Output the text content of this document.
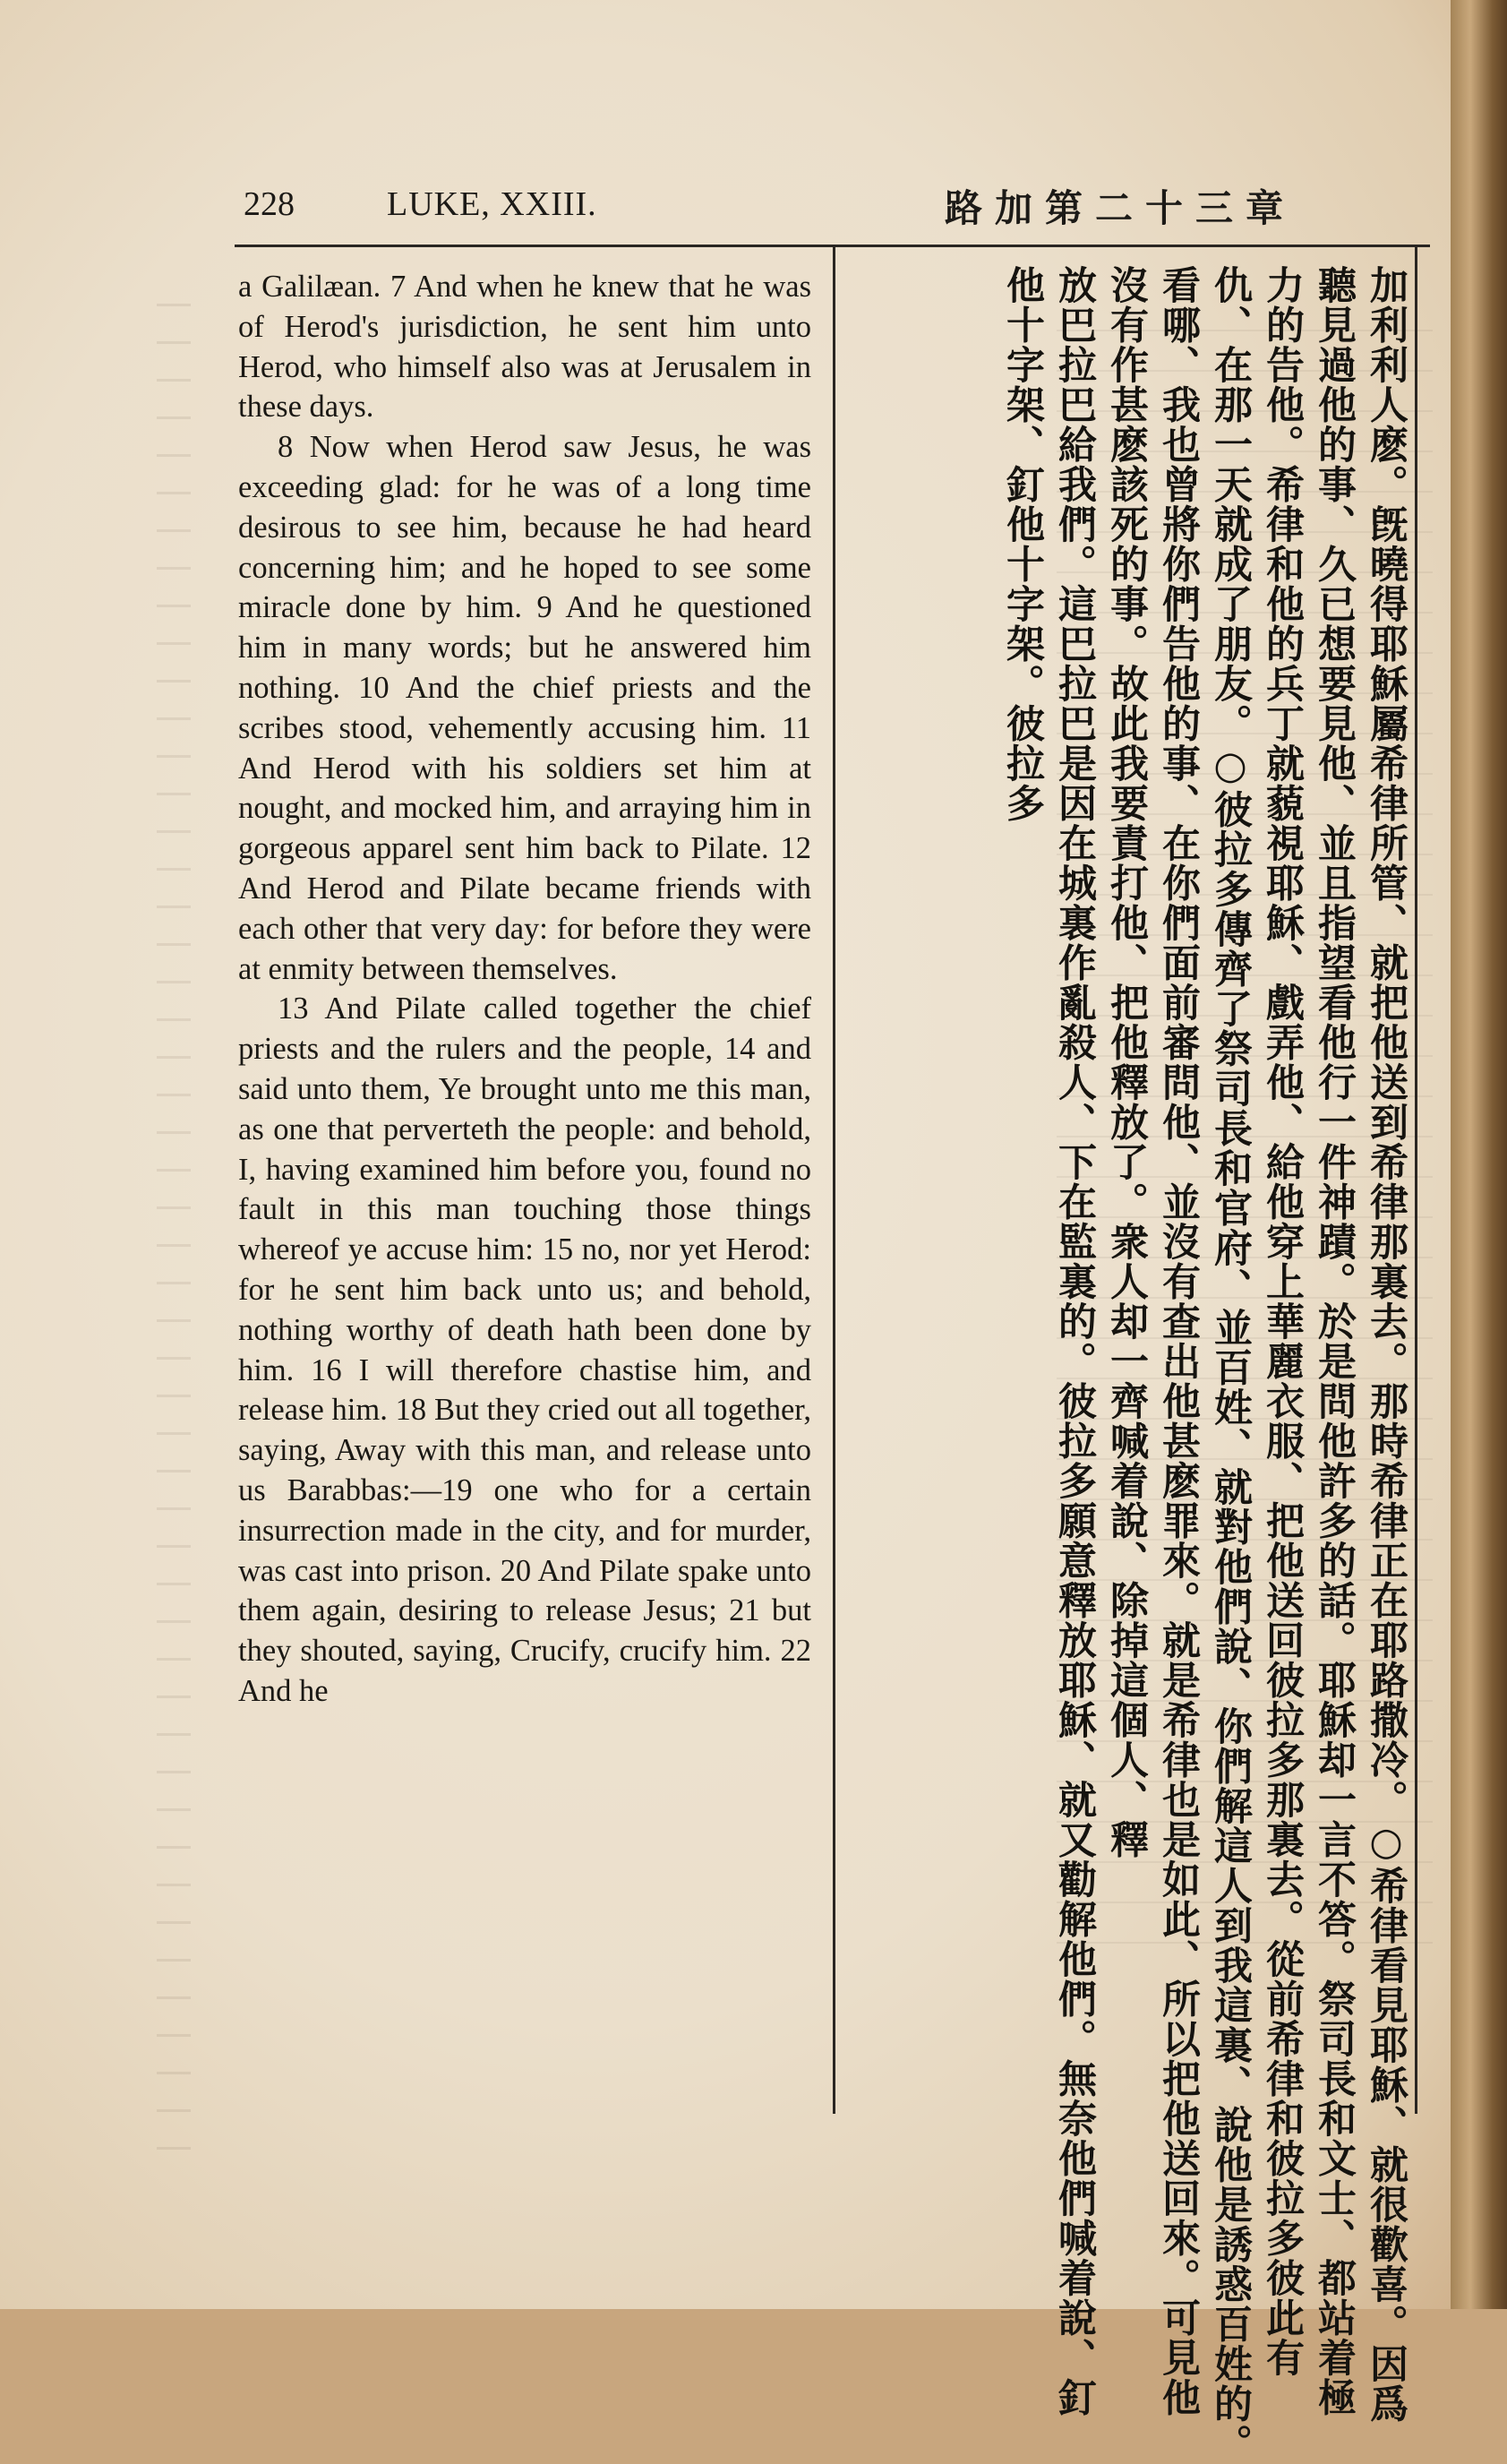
228	LUKE, XXIII.	路加第二十三章

a Galilæan. 7 And when he knew that he was of Herod's jurisdiction, he sent him unto Herod, who himself also was at Jerusalem in these days.

8 Now when Herod saw Jesus, he was exceeding glad: for he was of a long time desirous to see him, because he had heard concerning him; and he hoped to see some miracle done by him. 9 And he questioned him in many words; but he answered him nothing. 10 And the chief priests and the scribes stood, vehemently accusing him. 11 And Herod with his soldiers set him at nought, and mocked him, and arraying him in gorgeous apparel sent him back to Pilate. 12 And Herod and Pilate became friends with each other that very day: for before they were at enmity between themselves.

13 And Pilate called together the chief priests and the rulers and the people, 14 and said unto them, Ye brought unto me this man, as one that perverteth the people: and behold, I, having examined him before you, found no fault in this man touching those things whereof ye accuse him: 15 no, nor yet Herod: for he sent him back unto us; and behold, nothing worthy of death hath been done by him. 16 I will therefore chastise him, and release him. 18 But they cried out all together, saying, Away with this man, and release unto us Barabbas:—19 one who for a certain insurrection made in the city, and for murder, was cast into prison. 20 And Pilate spake unto them again, desiring to release Jesus; 21 but they shouted, saying, Crucify, crucify him. 22 And he	加利利人麽。旣曉得耶穌屬希律所管、就把他送到希律那裏去。那時希律正在耶路撒冷。○希律看見耶穌、就很歡喜。因爲
聽見過他的事、久已想要見他、並且指望看他行一件神蹟。於是問他許多的話。耶穌却一言不答。祭司長和文士、都站着極
力的告他。希律和他的兵丁就藐視耶穌、戲弄他、給他穿上華麗衣服、把他送回彼拉多那裏去。從前希律和彼拉多彼此有
仇、在那一天就成了朋友。○彼拉多傳齊了祭司長和官府、並百姓、就對他們說、你們解這人到我這裏、說他是誘惑百姓的。
看哪、我也曾將你們告他的事、在你們面前審問他、並沒有查出他甚麽罪來。就是希律也是如此、所以把他送回來。可見他
沒有作甚麽該死的事。故此我要責打他、把他釋放了。衆人却一齊喊着說、除掉這個人、釋
放巴拉巴給我們。這巴拉巴是因在城裏作亂殺人、下在監裏的。彼拉多願意釋放耶穌、就又勸解他們。無奈他們喊着說、釘
他十字架、釘他十字架。彼拉多
